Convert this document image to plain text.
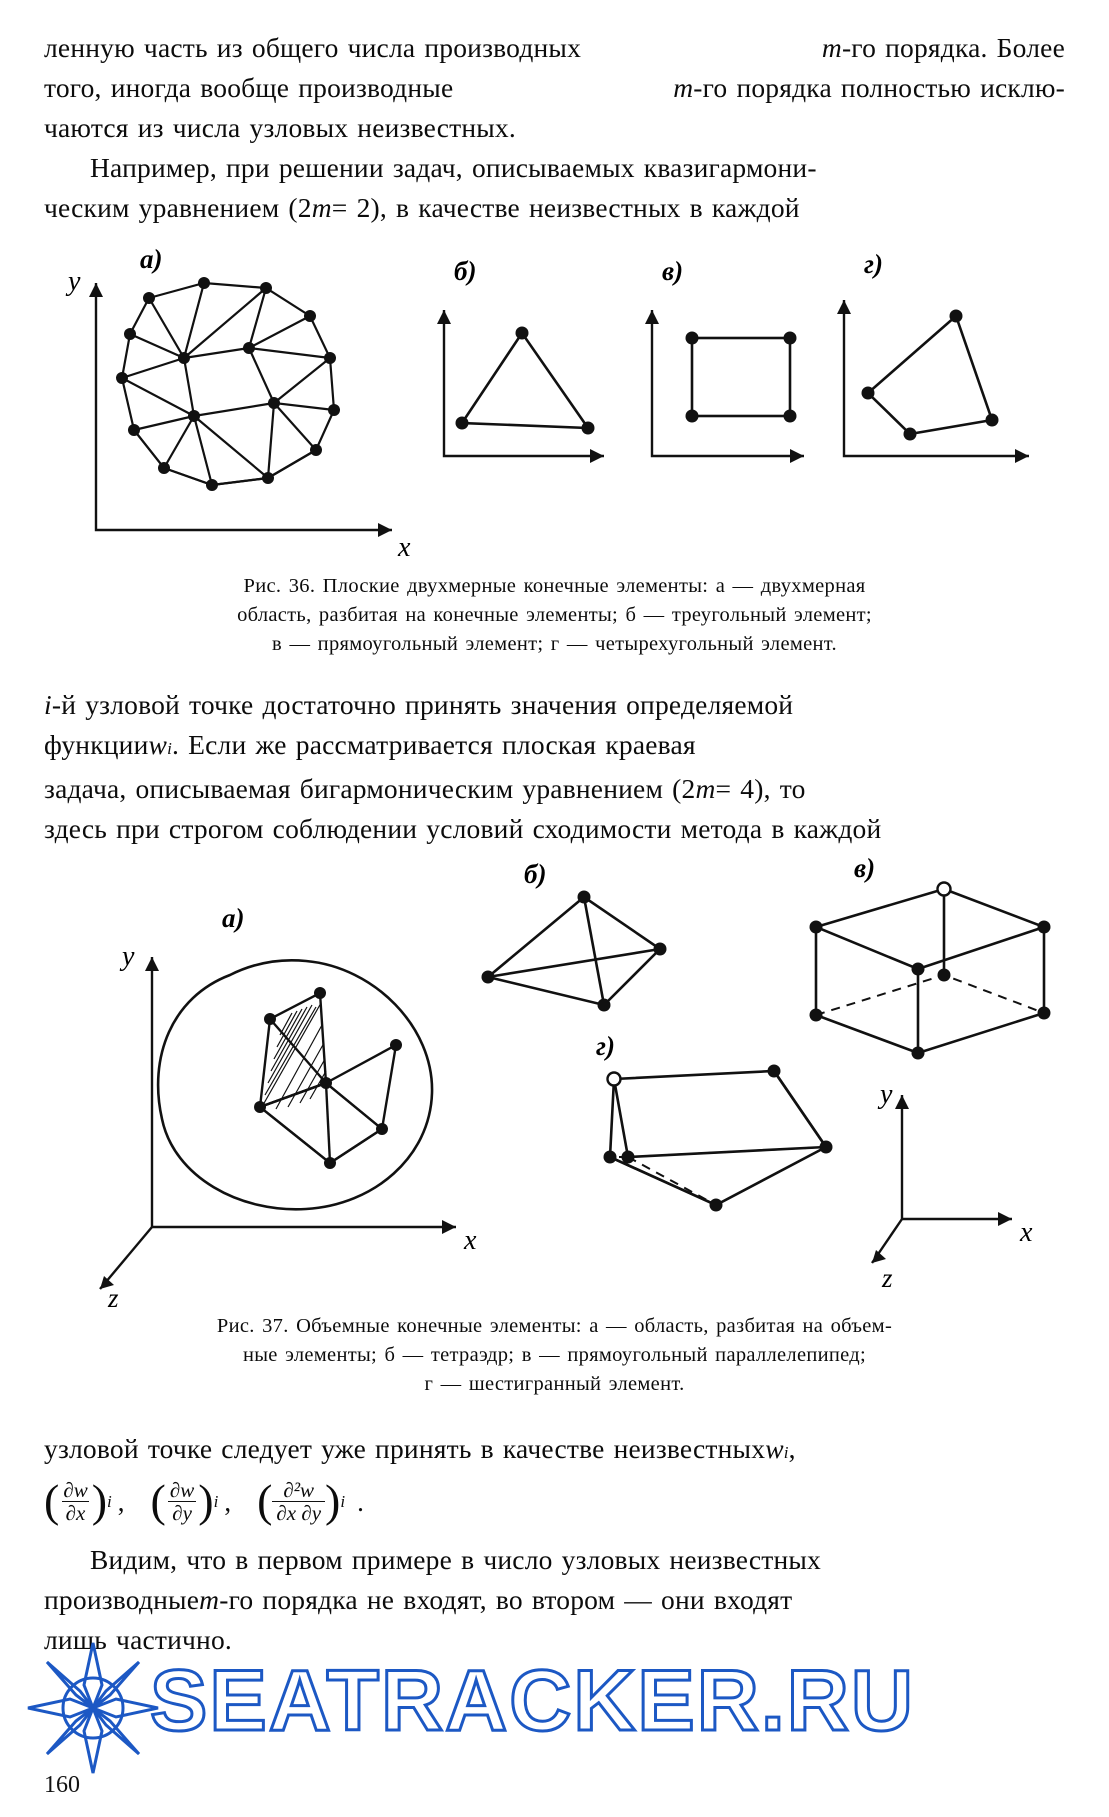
ленную часть из общего числа производных	m -го порядка. Более
того, иногда вообще производные	m -го порядка полностью исклю-
чаются из числа узловых неизвестных.
Например, при решении задач, описываемых квазигармони-
ческим уравнением (2 m = 2), в качестве неизвестных в каждой
а)	б)	в)	г)
y
x
Рис. 36. Плоские двухмерные конечные элементы: а — двухмерная
область, разбитая на конечные элементы; б — треугольный элемент;
в — прямоугольный элемент; г — четырехугольный элемент.
i -й узловой точке достаточно принять значения определяемой
функции w i . Если же рассматривается плоская краевая
задача, описываемая бигармоническим уравнением (2 m = 4), то
здесь при строгом соблюдении условий сходимости метода в каждой
а)
б)	в)
г)
y
x
z
y
x
z
Рис. 37. Объемные конечные элементы: а — область, разбитая на объем-
ные элементы; б — тетраэдр; в — прямоугольный параллелепипед;
г — шестигранный элемент.
узловой точке следует уже принять в качестве неизвестных w i ,
( $\frac{\partial w}{\partial x}$ ) i , ( $\frac{\partial w}{\partial y}$ ) i , ( $\frac{\text{∂²w}}{\partial x \partial y}$ ) i .
Видим, что в первом примере в число узловых неизвестных
производные m -го порядка не входят, во втором — они входят
лишь частично.
SEATRACKER.RU
160
